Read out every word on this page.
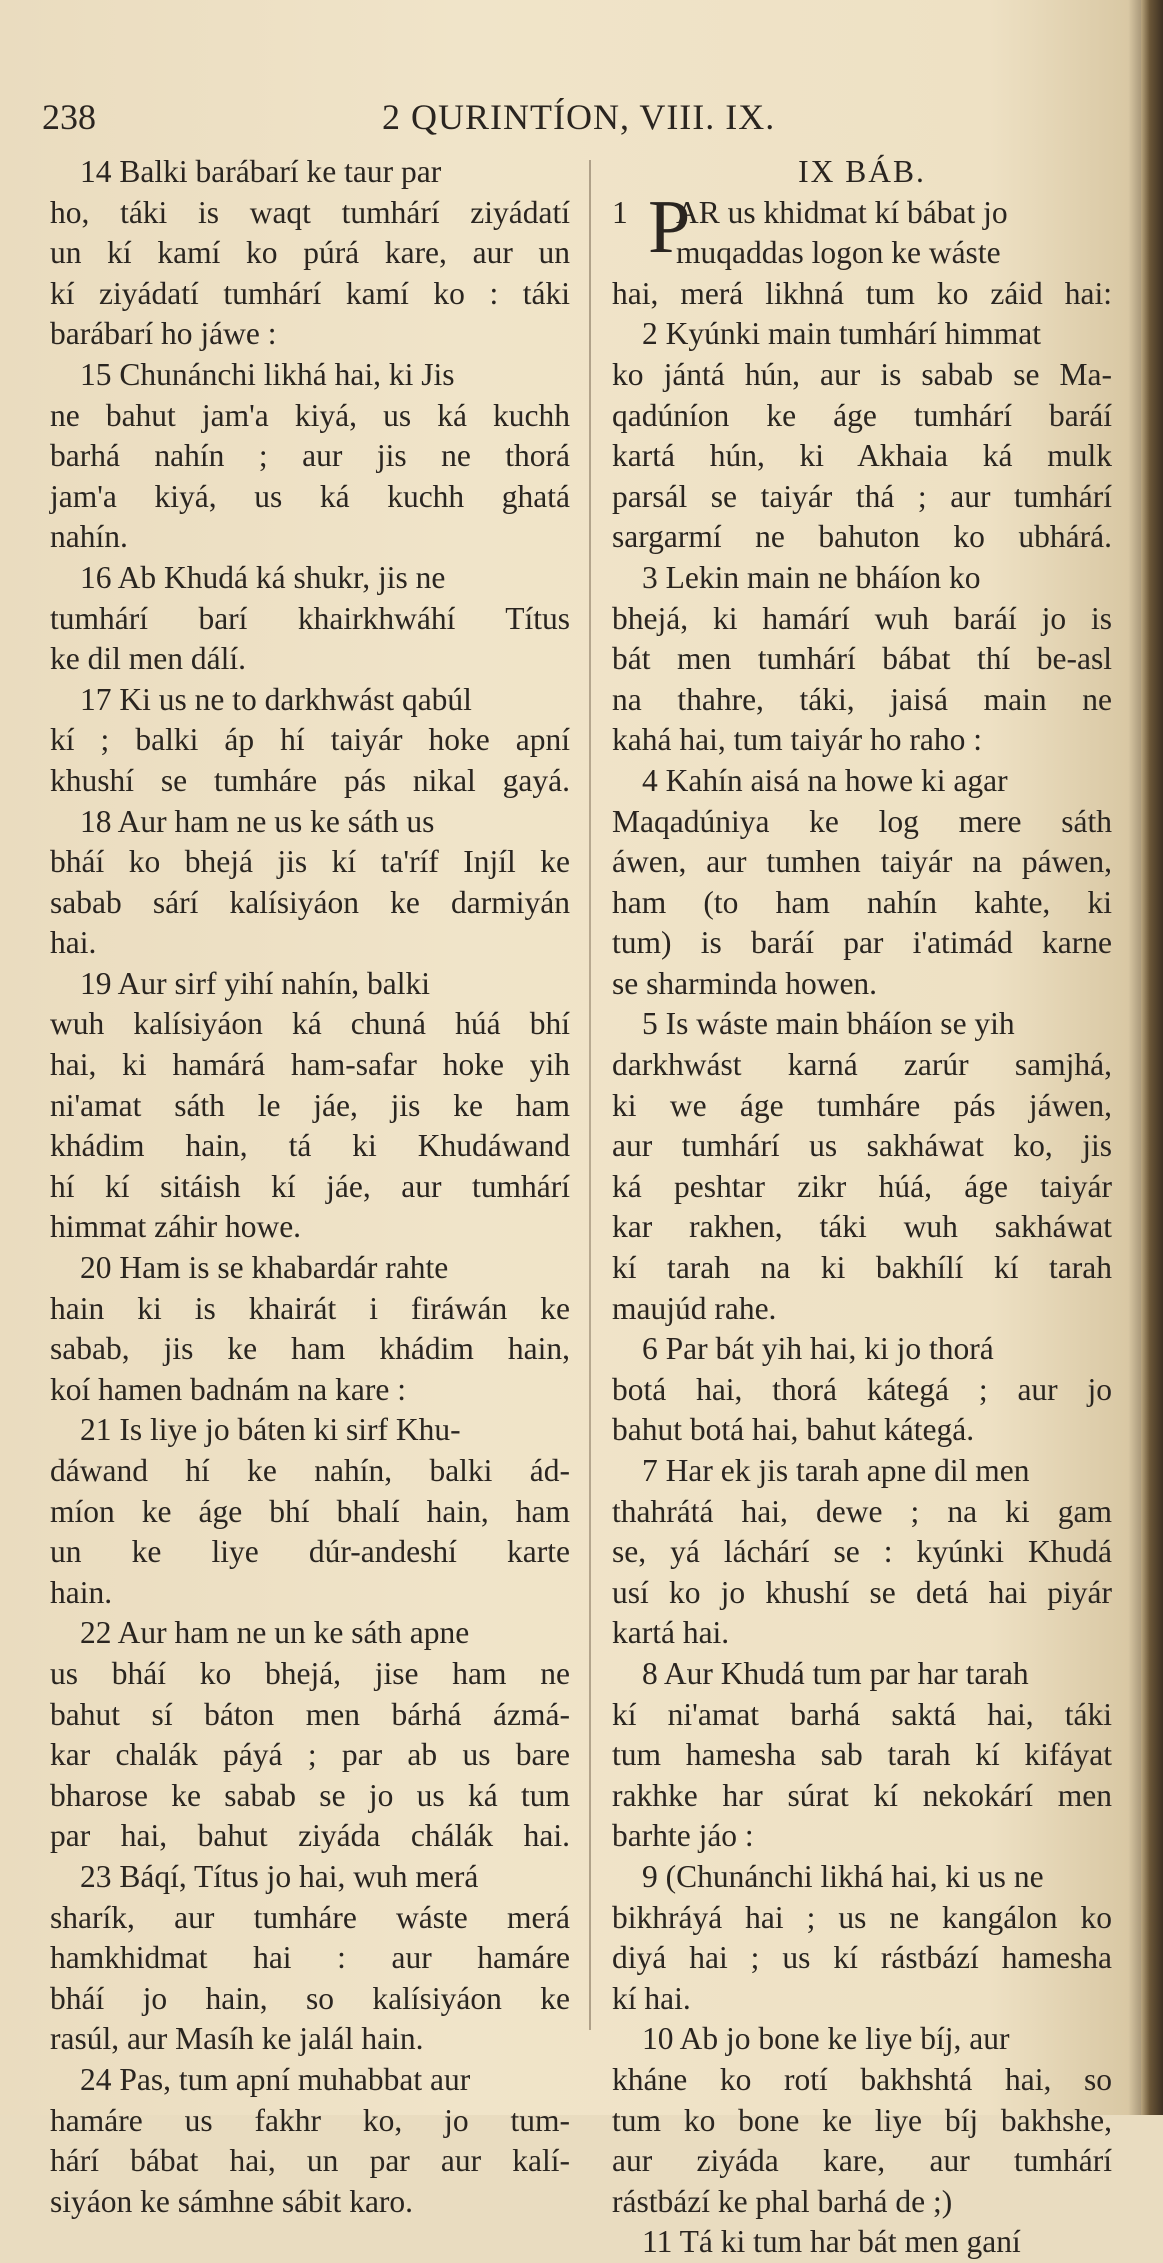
238	2 QURINTÍON, VIII. IX.
14 Balki barábarí ke taur par
ho, táki is waqt tumhárí ziyádatí
un kí kamí ko púrá kare, aur un
kí ziyádatí tumhárí kamí ko : táki
barábarí ho jáwe :
15 Chunánchi likhá hai, ki Jis
ne bahut jam'a kiyá, us ká kuchh
barhá nahín ; aur jis ne thorá
jam'a kiyá, us ká kuchh ghatá
nahín.
16 Ab Khudá ká shukr, jis ne
tumhárí barí khairkhwáhí Títus
ke dil men dálí.
17 Ki us ne to darkhwást qabúl
kí ; balki áp hí taiyár hoke apní
khushí se tumháre pás nikal gayá.
18 Aur ham ne us ke sáth us
bháí ko bhejá jis kí ta'ríf Injíl ke
sabab sárí kalísiyáon ke darmiyán
hai.
19 Aur sirf yihí nahín, balki
wuh kalísiyáon ká chuná húá bhí
hai, ki hamárá ham-safar hoke yih
ni'amat sáth le jáe, jis ke ham
khádim hain, tá ki Khudáwand
hí kí sitáish kí jáe, aur tumhárí
himmat záhir howe.
20 Ham is se khabardár rahte
hain ki is khairát i firáwán ke
sabab, jis ke ham khádim hain,
koí hamen badnám na kare :
21 Is liye jo báten ki sirf Khu-
dáwand hí ke nahín, balki ád-
míon ke áge bhí bhalí hain, ham
un ke liye dúr-andeshí karte
hain.
22 Aur ham ne un ke sáth apne
us bháí ko bhejá, jise ham ne
bahut sí báton men bárhá ázmá-
kar chalák páyá ; par ab us bare
bharose ke sabab se jo us ká tum
par hai, bahut ziyáda chálák hai.
23 Báqí, Títus jo hai, wuh merá
sharík, aur tumháre wáste merá
hamkhidmat hai : aur hamáre
bháí jo hain, so kalísiyáon ke
rasúl, aur Masíh ke jalál hain.
24 Pas, tum apní muhabbat aur
hamáre us fakhr ko, jo tum-
hárí bábat hai, un par aur kalí-
siyáon ke sámhne sábit karo.
IX BÁB.
1 P
AR us khidmat kí bábat jo
muqaddas logon ke wáste
hai, merá likhná tum ko záid hai:
2 Kyúnki main tumhárí himmat
ko jántá hún, aur is sabab se Ma-
qadúníon ke áge tumhárí baráí
kartá hún, ki Akhaia ká mulk
parsál se taiyár thá ; aur tumhárí
sargarmí ne bahuton ko ubhárá.
3 Lekin main ne bháíon ko
bhejá, ki hamárí wuh baráí jo is
bát men tumhárí bábat thí be-asl
na thahre, táki, jaisá main ne
kahá hai, tum taiyár ho raho :
4 Kahín aisá na howe ki agar
Maqadúniya ke log mere sáth
áwen, aur tumhen taiyár na páwen,
ham (to ham nahín kahte, ki
tum) is baráí par i'atimád karne
se sharminda howen.
5 Is wáste main bháíon se yih
darkhwást karná zarúr samjhá,
ki we áge tumháre pás jáwen,
aur tumhárí us sakháwat ko, jis
ká peshtar zikr húá, áge taiyár
kar rakhen, táki wuh sakháwat
kí tarah na ki bakhílí kí tarah
maujúd rahe.
6 Par bát yih hai, ki jo thorá
botá hai, thorá kátegá ; aur jo
bahut botá hai, bahut kátegá.
7 Har ek jis tarah apne dil men
thahrátá hai, dewe ; na ki gam
se, yá láchárí se : kyúnki Khudá
usí ko jo khushí se detá hai piyár
kartá hai.
8 Aur Khudá tum par har tarah
kí ni'amat barhá saktá hai, táki
tum hamesha sab tarah kí kifáyat
rakhke har súrat kí nekokárí men
barhte jáo :
9 (Chunánchi likhá hai, ki us ne
bikhráyá hai ; us ne kangálon ko
diyá hai ; us kí rástbází hamesha
kí hai.
10 Ab jo bone ke liye bíj, aur
kháne ko rotí bakhshtá hai, so
tum ko bone ke liye bíj bakhshe,
aur ziyáda kare, aur tumhárí
rástbází ke phal barhá de ;)
11 Tá ki tum har bát men ganí
